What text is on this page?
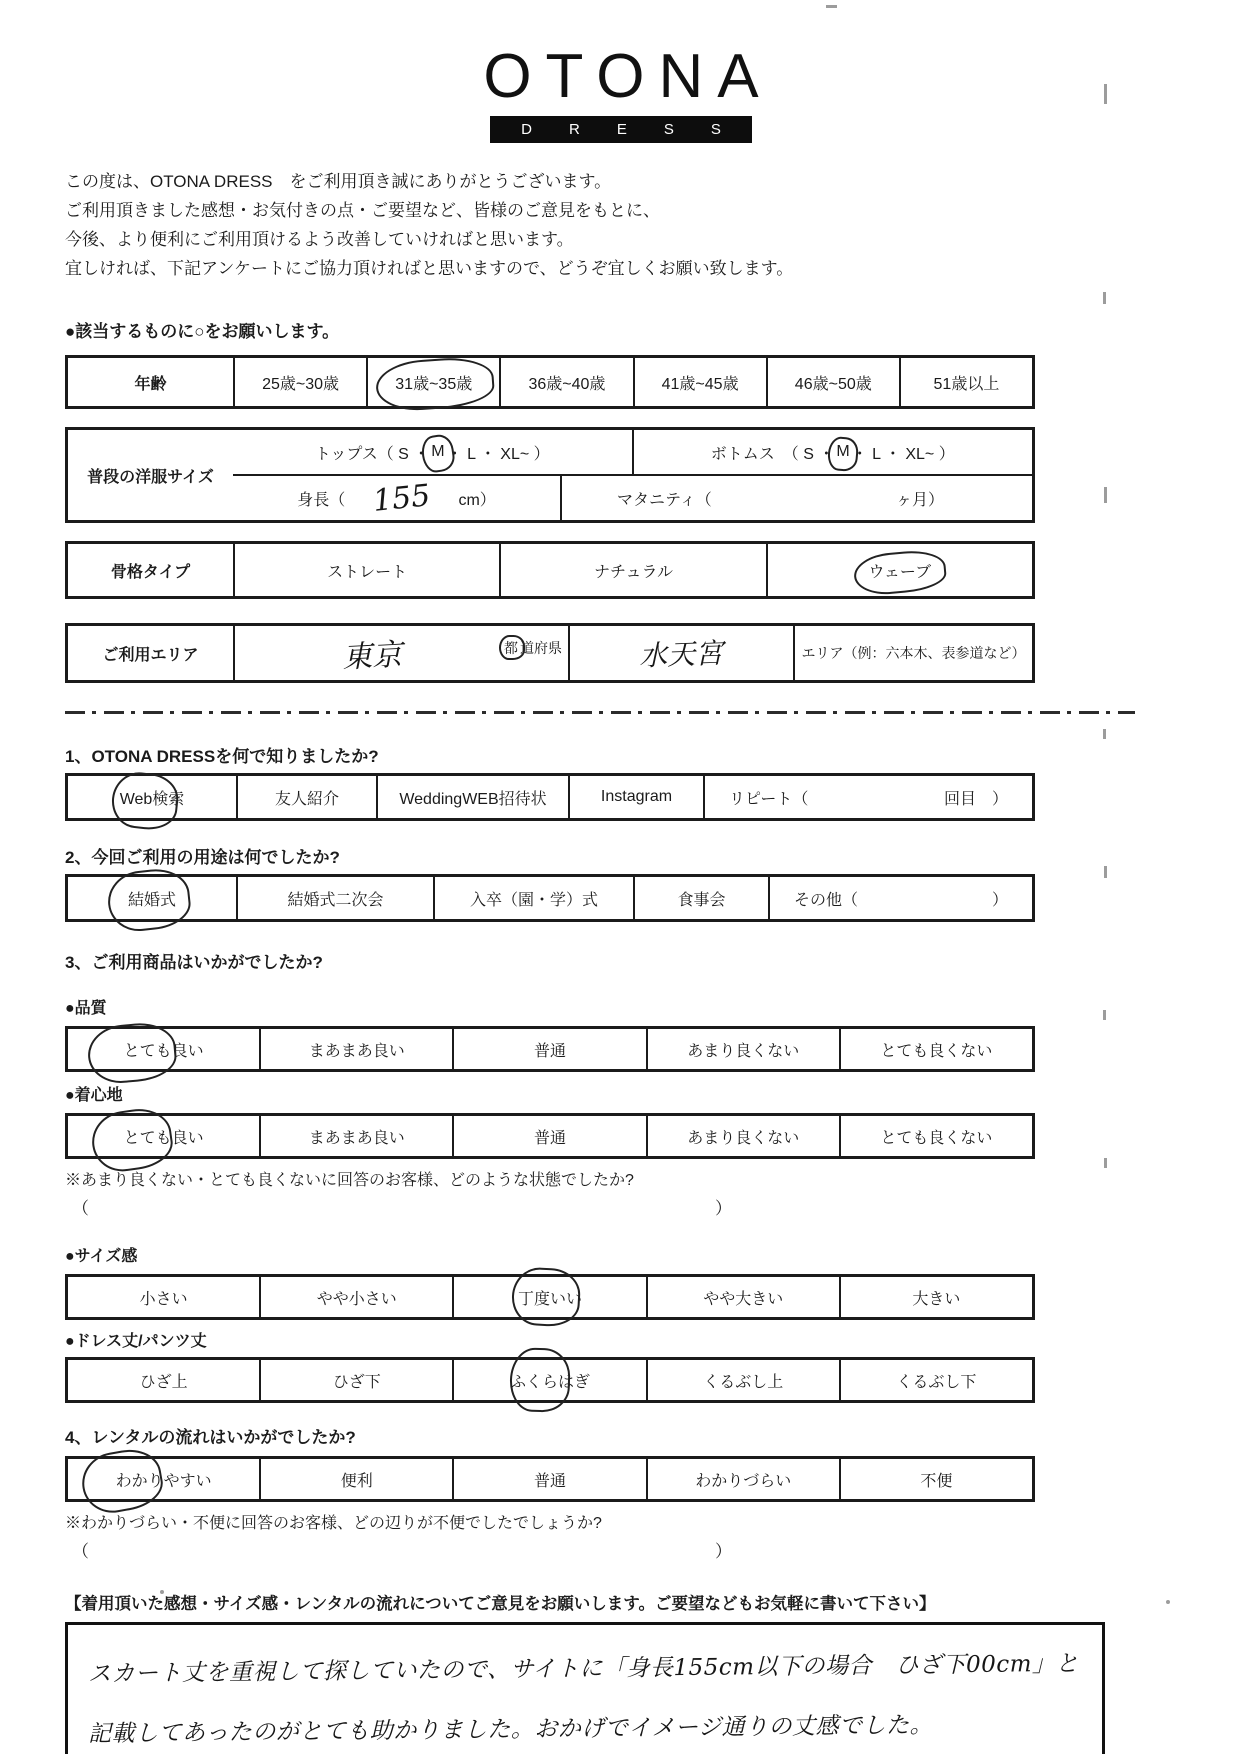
OTONA
DRESS
この度は、OTONA DRESS　をご利用頂き誠にありがとうございます。
ご利用頂きました感想・お気付きの点・ご要望など、皆様のご意見をもとに、
今後、より便利にご利用頂けるよう改善していければと思います。
宜しければ、下記アンケートにご協力頂ければと思いますので、どうぞ宜しくお願い致します。
●該当するものに○をお願いします。
年齢	25歳~30歳	31歳~35歳	36歳~40歳	41歳~45歳	46歳~50歳	51歳以上
普段の洋服サイズ
トップス（ S ・ M ・ L ・ XL~ ）	ボトムス　（ S ・ M ・ L ・ XL~ ）
身長（ 155 cm）	マタニティ（	ヶ月）
骨格タイプ	ストレート	ナチュラル	ウェーブ
ご利用エリア	東京	都 道府県	水天宮	エリア（例：六本木、表参道など）
1、OTONA DRESSを何で知りましたか?
Web検索	友人紹介	WeddingWEB招待状	Instagram	リピート（	回目　）
2、今回ご利用の用途は何でしたか?
結婚式	結婚式二次会	入卒（園・学）式	食事会	その他（	）
3、ご利用商品はいかがでしたか?
●品質
とても良い	まあまあ良い	普通	あまり良くない	とても良くない
●着心地
とても良い	まあまあ良い	普通	あまり良くない	とても良くない
※あまり良くない・とても良くないに回答のお客様、どのような状態でしたか?
（	）
●サイズ感
小さい	やや小さい	丁度いい	やや大きい	大きい
●ドレス丈/パンツ丈
ひざ上	ひざ下	ふくらはぎ	くるぶし上	くるぶし下
4、レンタルの流れはいかがでしたか?
わかりやすい	便利	普通	わかりづらい	不便
※わかりづらい・不便に回答のお客様、どの辺りが不便でしたでしょうか?
（	）
【着用頂いた感想・サイズ感・レンタルの流れについてご意見をお願いします。ご要望などもお気軽に書いて下さい】
スカート丈を重視して探していたので、サイトに「身長155cm以下の場合　ひざ下00cm」と
記載してあったのがとても助かりました。おかげでイメージ通りの丈感でした。
